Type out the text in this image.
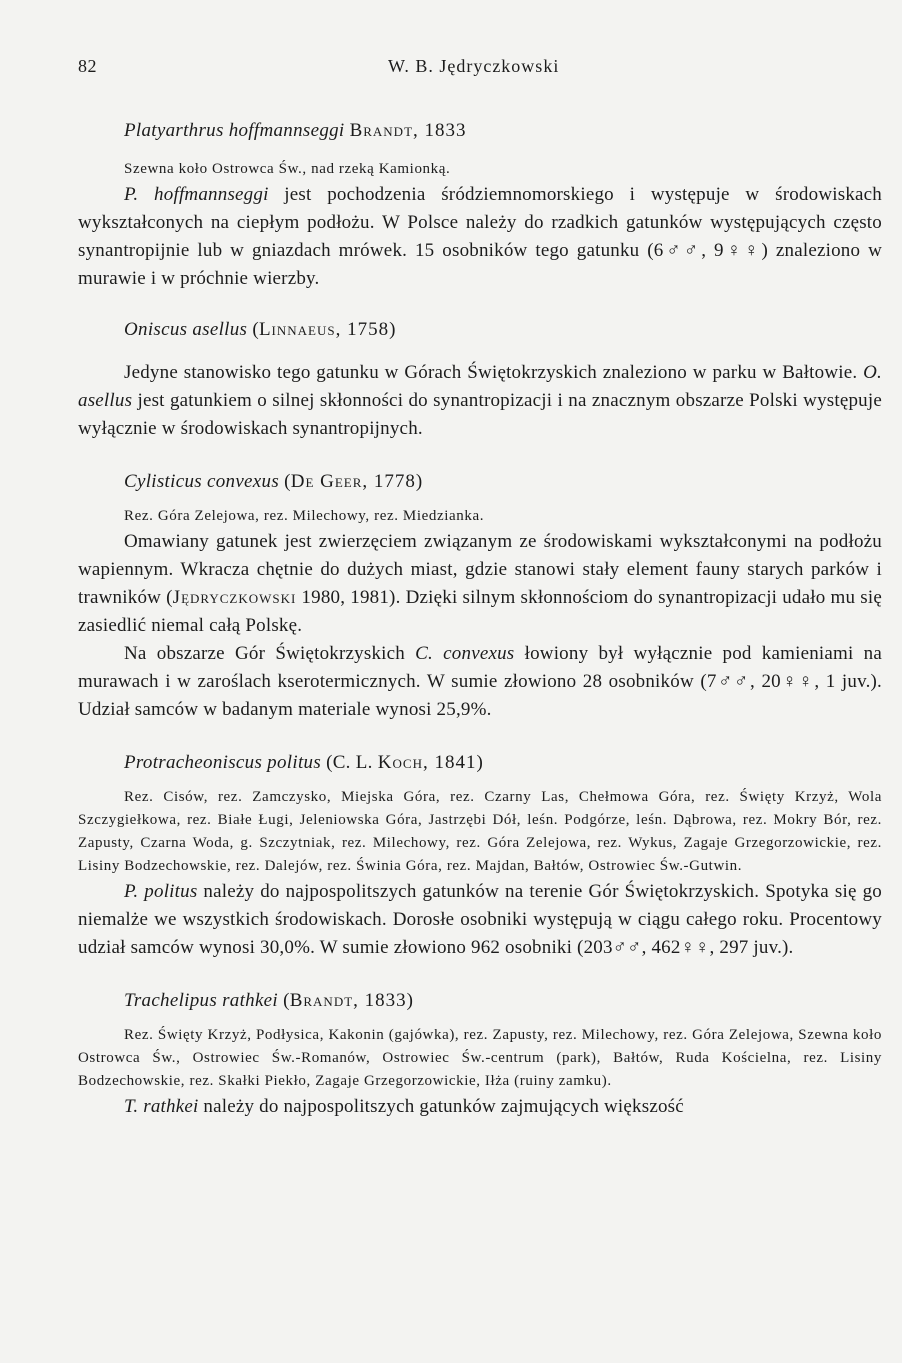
82	W. B. Jędryczkowski

Platyarthrus hoffmannseggi Brandt, 1833

Szewna koło Ostrowca Św., nad rzeką Kamionką.

P. hoffmannseggi jest pochodzenia śródziemnomorskiego i występuje w środowiskach wykształconych na ciepłym podłożu. W Polsce należy do rzadkich gatunków występujących często synantropijnie lub w gniazdach mrówek. 15 osobników tego gatunku (6♂♂, 9♀♀) znaleziono w murawie i w próchnie wierzby.

Oniscus asellus (Linnaeus, 1758)

Jedyne stanowisko tego gatunku w Górach Świętokrzyskich znaleziono w parku w Bałtowie. O. asellus jest gatunkiem o silnej skłonności do synantropizacji i na znacznym obszarze Polski występuje wyłącznie w środowiskach synantropijnych.

Cylisticus convexus (De Geer, 1778)

Rez. Góra Zelejowa, rez. Milechowy, rez. Miedzianka.

Omawiany gatunek jest zwierzęciem związanym ze środowiskami wykształconymi na podłożu wapiennym. Wkracza chętnie do dużych miast, gdzie stanowi stały element fauny starych parków i trawników (Jędryczkowski 1980, 1981). Dzięki silnym skłonnościom do synantropizacji udało mu się zasiedlić niemal całą Polskę.

Na obszarze Gór Świętokrzyskich C. convexus łowiony był wyłącznie pod kamieniami na murawach i w zaroślach kserotermicznych. W sumie złowiono 28 osobników (7♂♂, 20♀♀, 1 juv.). Udział samców w badanym materiale wynosi 25,9%.

Protracheoniscus politus (C. L. Koch, 1841)

Rez. Cisów, rez. Zamczysko, Miejska Góra, rez. Czarny Las, Chełmowa Góra, rez. Święty Krzyż, Wola Szczygiełkowa, rez. Białe Ługi, Jeleniowska Góra, Jastrzębi Dół, leśn. Podgórze, leśn. Dąbrowa, rez. Mokry Bór, rez. Zapusty, Czarna Woda, g. Szczytniak, rez. Milechowy, rez. Góra Zelejowa, rez. Wykus, Zagaje Grzegorzowickie, rez. Lisiny Bodzechowskie, rez. Dalejów, rez. Świnia Góra, rez. Majdan, Bałtów, Ostrowiec Św.-Gutwin.

P. politus należy do najpospolitszych gatunków na terenie Gór Świętokrzyskich. Spotyka się go niemalże we wszystkich środowiskach. Dorosłe osobniki występują w ciągu całego roku. Procentowy udział samców wynosi 30,0%. W sumie złowiono 962 osobniki (203♂♂, 462♀♀, 297 juv.).

Trachelipus rathkei (Brandt, 1833)

Rez. Święty Krzyż, Podłysica, Kakonin (gajówka), rez. Zapusty, rez. Milechowy, rez. Góra Zelejowa, Szewna koło Ostrowca Św., Ostrowiec Św.-Romanów, Ostrowiec Św.-centrum (park), Bałtów, Ruda Kościelna, rez. Lisiny Bodzechowskie, rez. Skałki Piekło, Zagaje Grzegorzowickie, Iłża (ruiny zamku).

T. rathkei należy do najpospolitszych gatunków zajmujących większość
